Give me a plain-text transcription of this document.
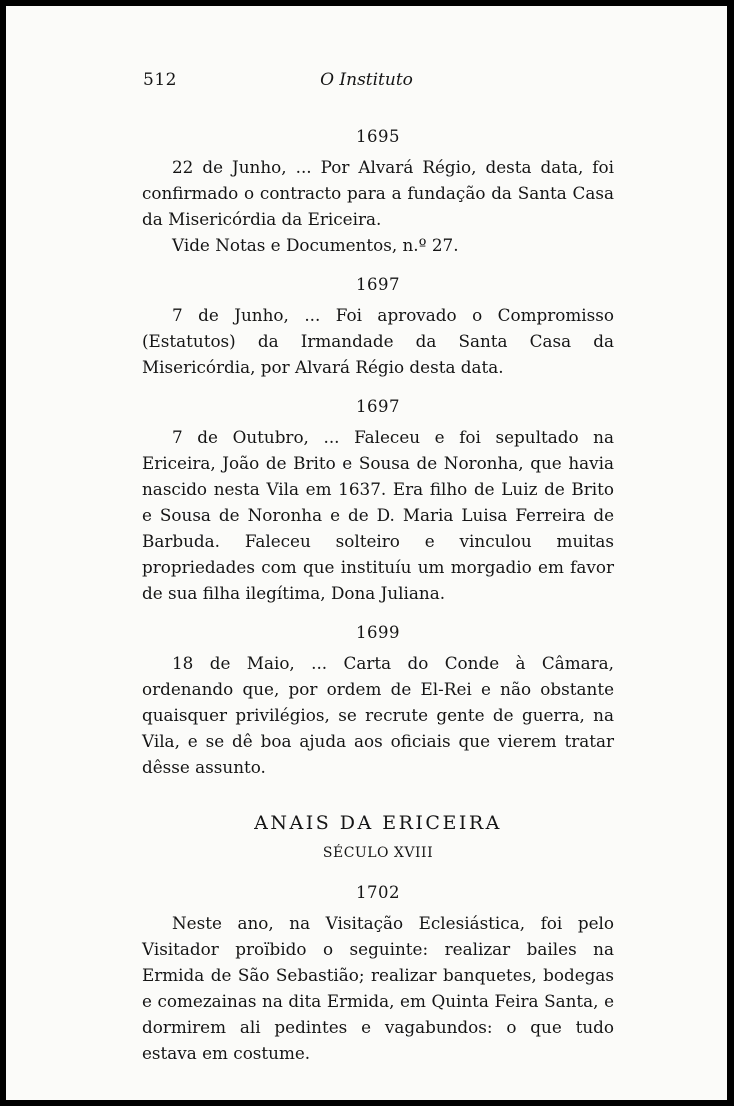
512	O Instituto
1695

22 de Junho, ... Por Alvará Régio, desta data, foi confirmado o contracto para a fundação da Santa Casa da Misericórdia da Ericeira.

Vide Notas e Documentos, n.º 27.

1697

7 de Junho, ... Foi aprovado o Compromisso (Estatutos) da Irmandade da Santa Casa da Misericórdia, por Alvará Régio desta data.

1697

7 de Outubro, ... Faleceu e foi sepultado na Ericeira, João de Brito e Sousa de Noronha, que havia nascido nesta Vila em 1637. Era filho de Luiz de Brito e Sousa de Noronha e de D. Maria Luisa Ferreira de Barbuda. Faleceu solteiro e vinculou muitas propriedades com que instituíu um morgadio em favor de sua filha ilegítima, Dona Juliana.

1699

18 de Maio, ... Carta do Conde à Câmara, ordenando que, por ordem de El-Rei e não obstante quaisquer privilégios, se recrute gente de guerra, na Vila, e se dê boa ajuda aos oficiais que vierem tratar dêsse assunto.

ANAIS DA ERICEIRA
SÉCULO XVIII
1702

Neste ano, na Visitação Eclesiástica, foi pelo Visitador proïbido o seguinte: realizar bailes na Ermida de São Sebastião; realizar banquetes, bodegas e comezainas na dita Ermida, em Quinta Feira Santa, e dormirem ali pedintes e vagabundos: o que tudo estava em costume.
